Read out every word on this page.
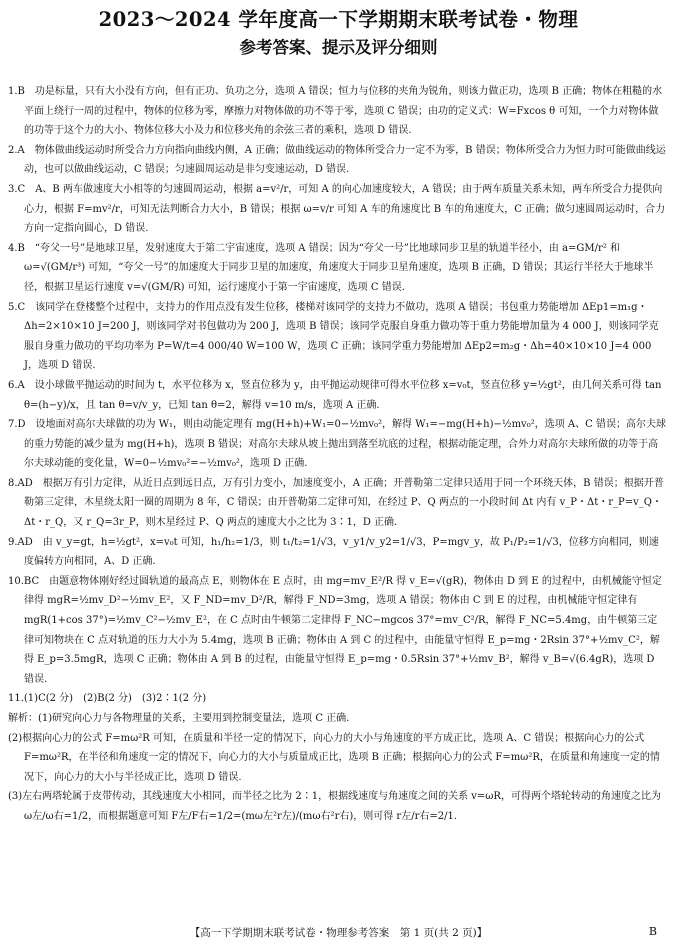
2023～2024 学年度高一下学期期末联考试卷・物理
参考答案、提示及评分细则

1.B　功是标量，只有大小没有方向，但有正功、负功之分，选项 A 错误；恒力与位移的夹角为锐角，则该力做正功，选项 B 正确；物体在粗糙的水平面上绕行一周的过程中，物体的位移为零，摩擦力对物体做的功不等于零，选项 C 错误；由功的定义式：W=Fxcos θ 可知，一个力对物体做的功等于这个力的大小、物体位移大小及力和位移夹角的余弦三者的乘积，选项 D 错误.

2.A　物体做曲线运动时所受合力方向指向曲线内侧，A 正确；做曲线运动的物体所受合力一定不为零，B 错误；物体所受合力为恒力时可能做曲线运动，也可以做曲线运动，C 错误；匀速圆周运动是非匀变速运动，D 错误.

3.C　A、B 两车做速度大小相等的匀速圆周运动，根据 a=v²/r，可知 A 的向心加速度较大，A 错误；由于两车质量关系未知，两车所受合力提供向心力，根据 F=mv²/r，可知无法判断合力大小，B 错误；根据 ω=v/r 可知 A 车的角速度比 B 车的角速度大，C 正确；做匀速圆周运动时，合力方向一定指向圆心，D 错误.

4.B　“夸父一号”是地球卫星，发射速度大于第二宇宙速度，选项 A 错误；因为“夸父一号”比地球同步卫星的轨道半径小，由 a=GM/r² 和 ω=√(GM/r³) 可知，“夸父一号”的加速度大于同步卫星的加速度，角速度大于同步卫星角速度，选项 B 正确，D 错误；其运行半径大于地球半径，根据卫星运行速度 v=√(GM/R) 可知，运行速度小于第一宇宙速度，选项 C 错误.

5.C　该同学在登楼整个过程中，支持力的作用点没有发生位移，楼梯对该同学的支持力不做功，选项 A 错误；书包重力势能增加 ΔEp1=m₁g・Δh=2×10×10 J=200 J，则该同学对书包做功为 200 J，选项 B 错误；该同学克服自身重力做功等于重力势能增加量为 4 000 J，则该同学克服自身重力做功的平均功率为 P=W/t=4 000/40 W=100 W，选项 C 正确；该同学重力势能增加 ΔEp2=m₂g・Δh=40×10×10 J=4 000 J，选项 D 错误.

6.A　设小球做平抛运动的时间为 t，水平位移为 x，竖直位移为 y，由平抛运动规律可得水平位移 x=v₀t，竖直位移 y=½gt²，由几何关系可得 tan θ=(h−y)/x，且 tan θ=v/v_y，已知 tan θ=2，解得 v=10 m/s，选项 A 正确.

7.D　设地面对高尔夫球做的功为 W₁，则由动能定理有 mg(H+h)+W₁=0−½mv₀²，解得 W₁=−mg(H+h)−½mv₀²，选项 A、C 错误；高尔夫球的重力势能的减少量为 mg(H+h)，选项 B 错误；对高尔夫球从坡上抛出到落至坑底的过程，根据动能定理，合外力对高尔夫球所做的功等于高尔夫球动能的变化量，W=0−½mv₀²=−½mv₀²，选项 D 正确.

8.AD　根据万有引力定律，从近日点到远日点，万有引力变小，加速度变小，A 正确；开普勒第二定律只适用于同一个环绕天体，B 错误；根据开普勒第三定律，木星绕太阳一圈的周期为 8 年，C 错误；由开普勒第二定律可知，在经过 P、Q 两点的一小段时间 Δt 内有 v_P・Δt・r_P=v_Q・Δt・r_Q，又 r_Q=3r_P，则木星经过 P、Q 两点的速度大小之比为 3∶1，D 正确.

9.AD　由 v_y=gt，h=½gt²，x=v₀t 可知，h₁/h₂=1/3，则 t₁/t₂=1/√3，v_y1/v_y2=1/√3，P=mgv_y，故 P₁/P₂=1/√3，位移方向相同，则速度偏转方向相同，A、D 正确.

10.BC　由题意物体刚好经过圆轨道的最高点 E，则物体在 E 点时，由 mg=mv_E²/R 得 v_E=√(gR)，物体由 D 到 E 的过程中，由机械能守恒定律得 mgR=½mv_D²−½mv_E²，又 F_ND=mv_D²/R，解得 F_ND=3mg，选项 A 错误；物体由 C 到 E 的过程，由机械能守恒定律有 mgR(1+cos 37°)=½mv_C²−½mv_E²，在 C 点时由牛顿第二定律得 F_NC−mgcos 37°=mv_C²/R，解得 F_NC=5.4mg，由牛顿第三定律可知物块在 C 点对轨道的压力大小为 5.4mg，选项 B 正确；物体由 A 到 C 的过程中，由能量守恒得 E_p=mg・2Rsin 37°+½mv_C²，解得 E_p=3.5mgR，选项 C 正确；物体由 A 到 B 的过程，由能量守恒得 E_p=mg・0.5Rsin 37°+½mv_B²，解得 v_B=√(6.4gR)，选项 D 错误.

11.(1)C(2 分)　(2)B(2 分)　(3)2∶1(2 分)

解析：(1)研究向心力与各物理量的关系，主要用到控制变量法，选项 C 正确.

(2)根据向心力的公式 F=mω²R 可知，在质量和半径一定的情况下，向心力的大小与角速度的平方成正比，选项 A、C 错误；根据向心力的公式 F=mω²R，在半径和角速度一定的情况下，向心力的大小与质量成正比，选项 B 正确；根据向心力的公式 F=mω²R，在质量和角速度一定的情况下，向心力的大小与半径成正比，选项 D 错误.

(3)左右两塔轮属于皮带传动，其线速度大小相同，而半径之比为 2∶1，根据线速度与角速度之间的关系 v=ωR，可得两个塔轮转动的角速度之比为 ω左/ω右=1/2，而根据题意可知 F左/F右=1/2=(mω左²r左)/(mω右²r右)，则可得 r左/r右=2/1.

【高一下学期期末联考试卷・物理参考答案　第 1 页(共 2 页)】	B
